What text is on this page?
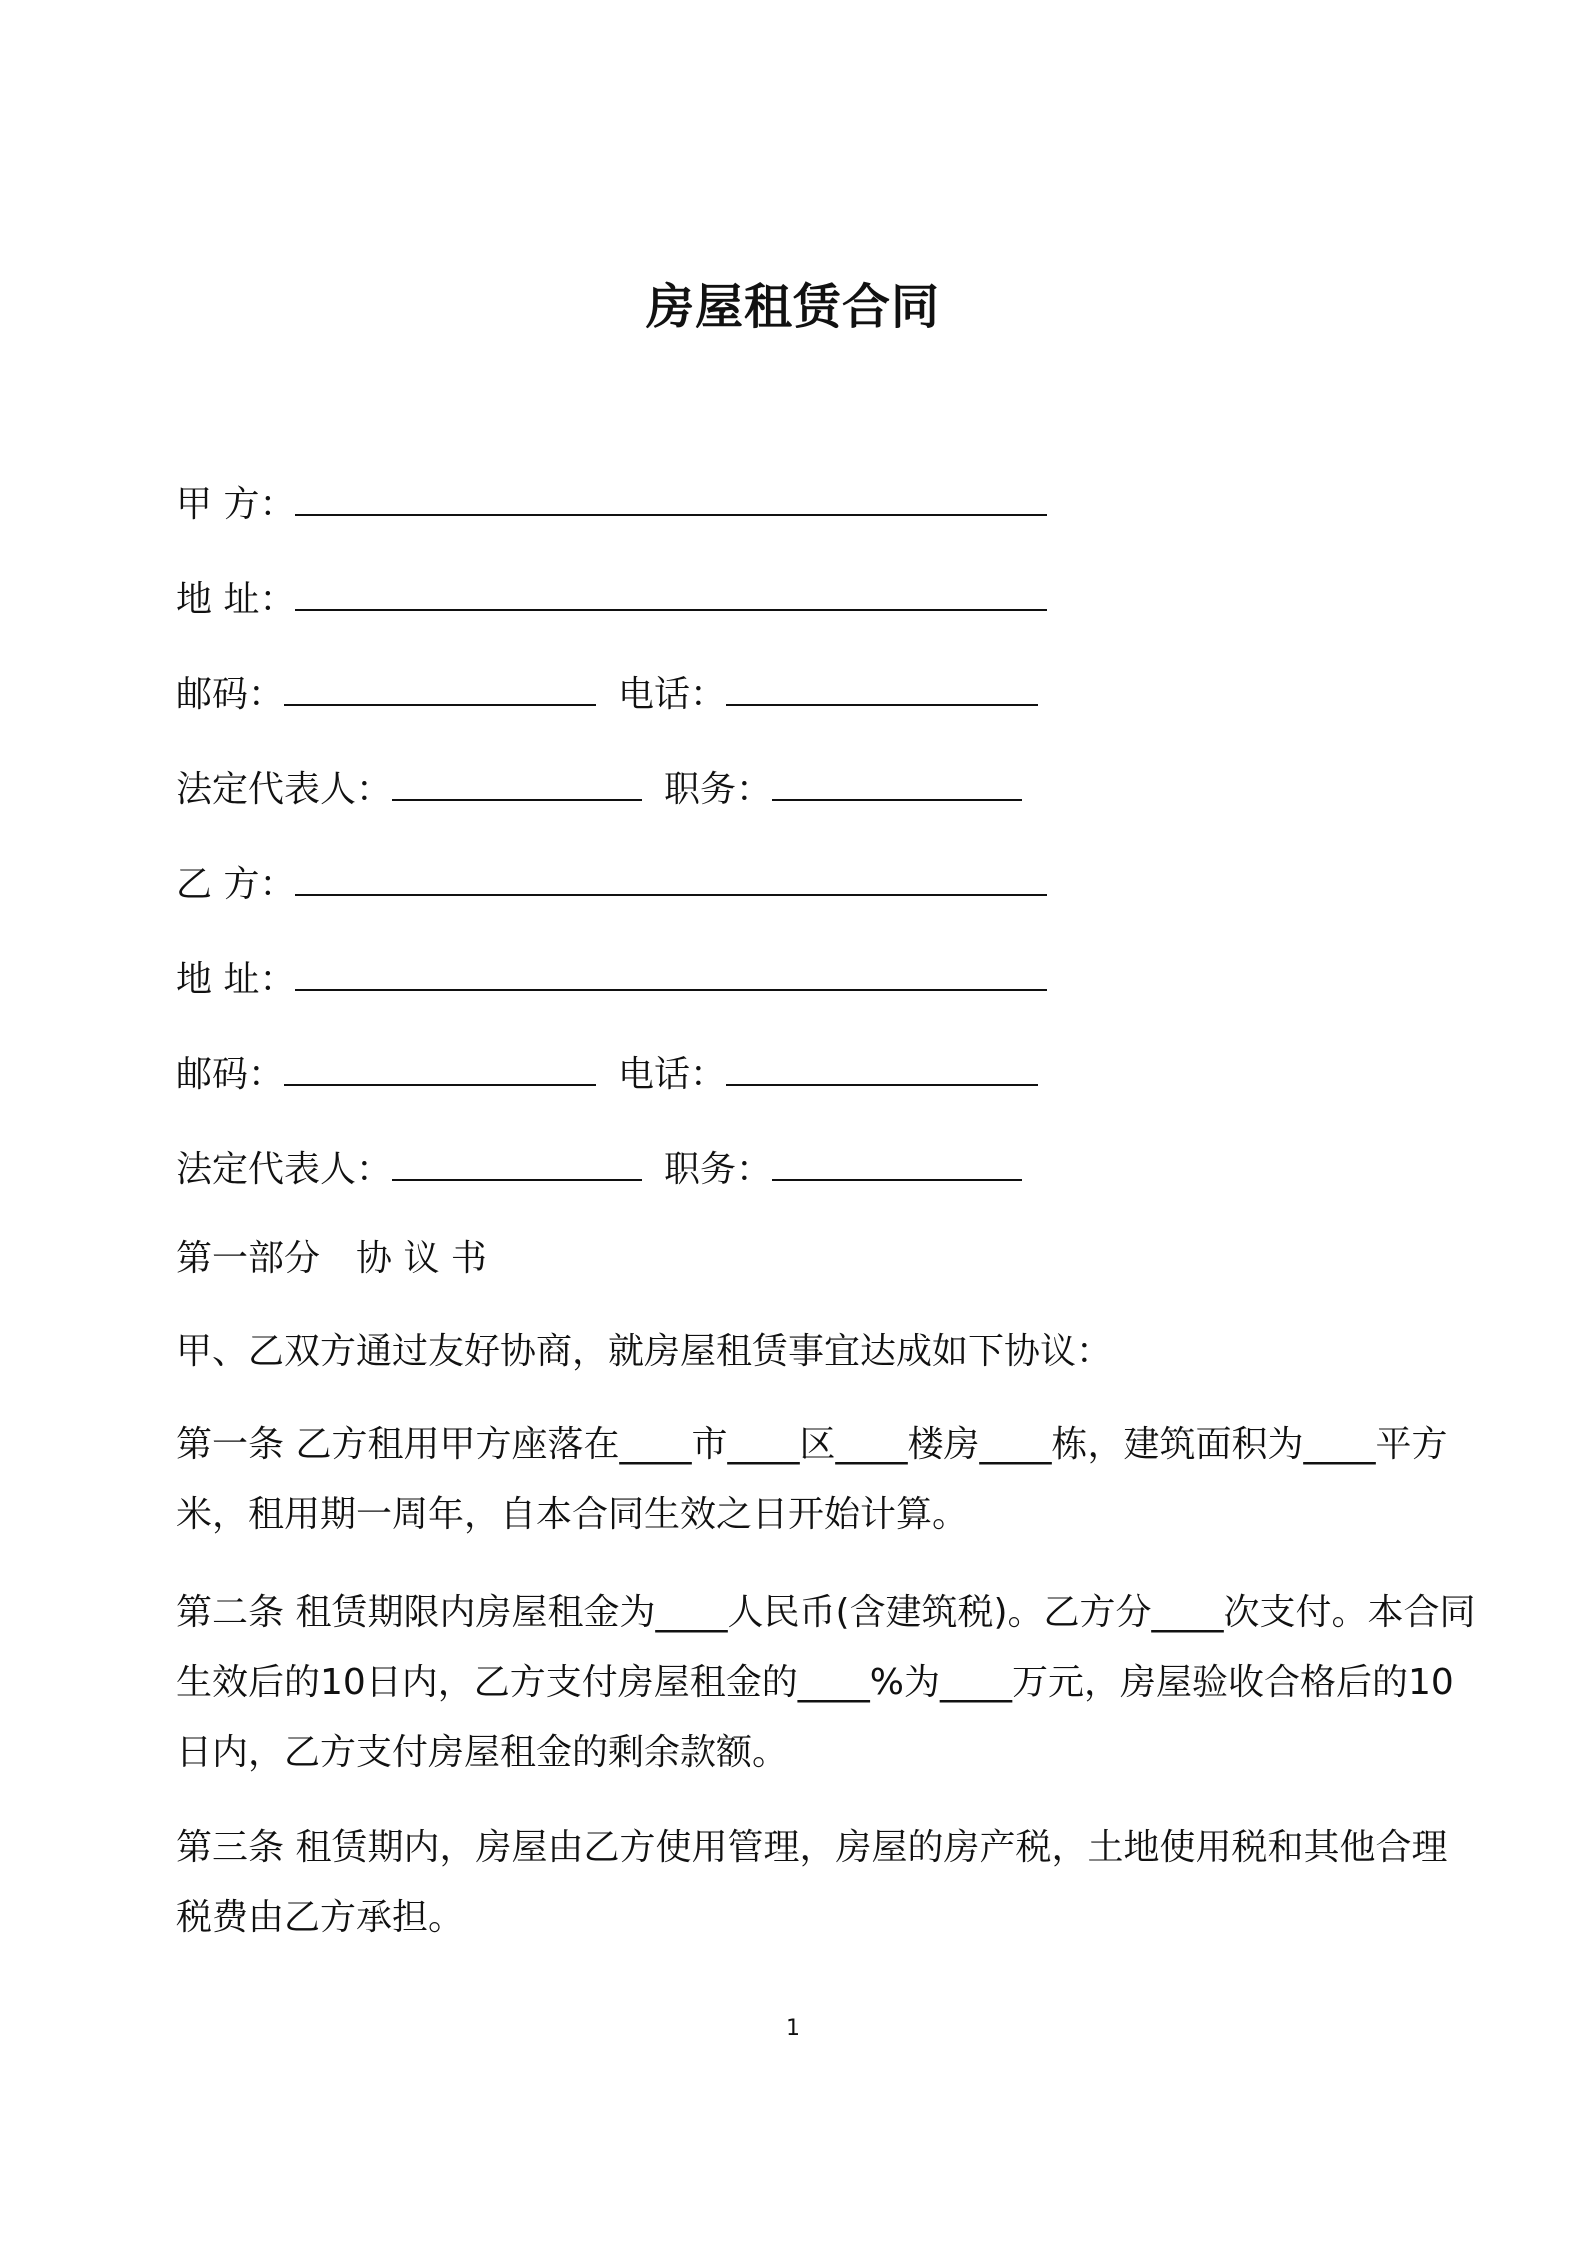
房屋租赁合同
甲 方：
地 址：
邮码：	电话：
法定代表人：	职务：
乙 方：
地 址：
邮码：	电话：
法定代表人：	职务：
第一部分　协 议 书
甲、乙双方通过友好协商，就房屋租赁事宜达成如下协议：
第一条 乙方租用甲方座落在____市____区____楼房____栋，建筑面积为____平方米，租用期一周年，自本合同生效之日开始计算。
第二条 租赁期限内房屋租金为____人民币(含建筑税)。乙方分____次支付。本合同生效后的10日内，乙方支付房屋租金的____%为____万元，房屋验收合格后的10日内，乙方支付房屋租金的剩余款额。
第三条 租赁期内，房屋由乙方使用管理，房屋的房产税，土地使用税和其他合理税费由乙方承担。
1
